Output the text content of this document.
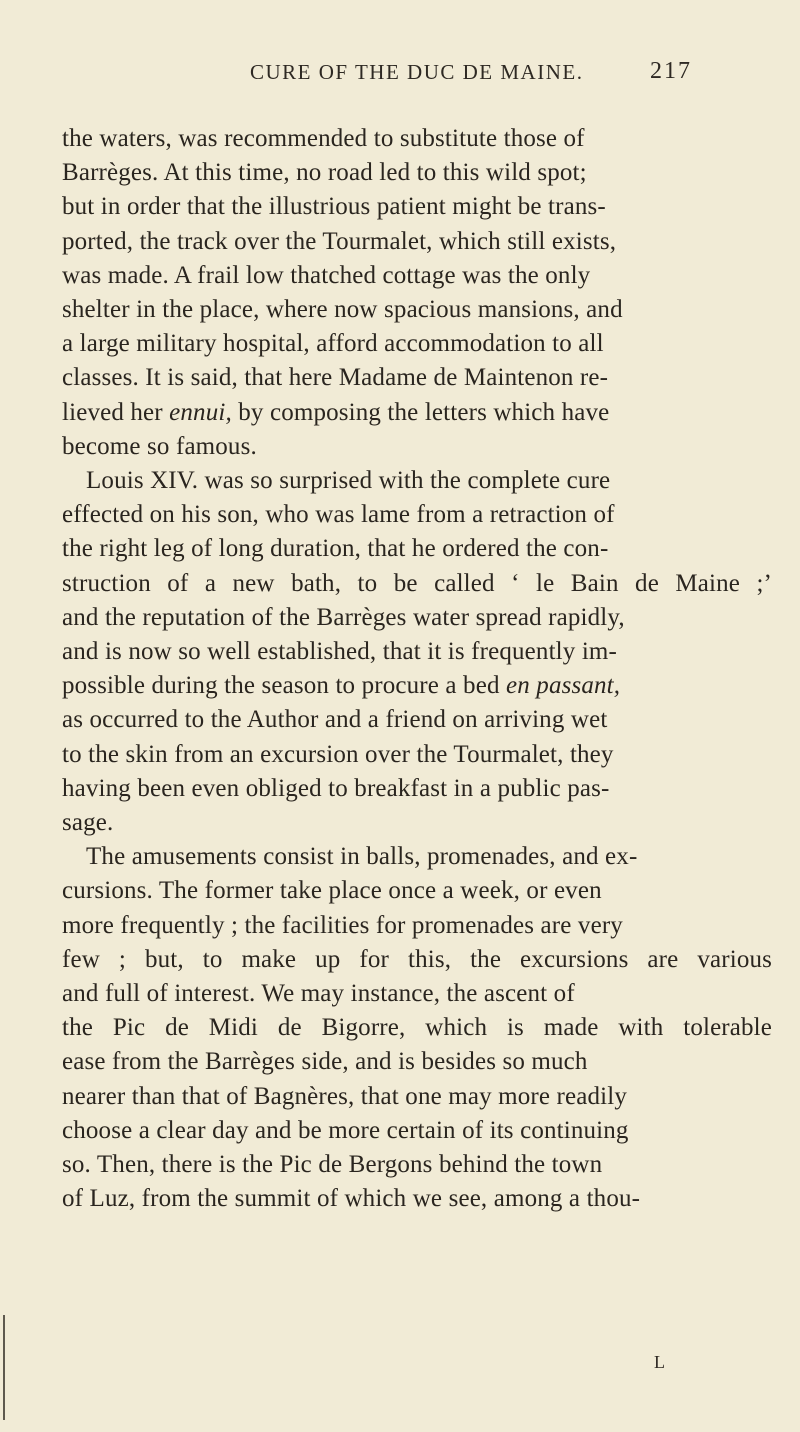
CURE OF THE DUC DE MAINE.	217
the waters, was recommended to substitute those of
Barrèges. At this time, no road led to this wild spot;
but in order that the illustrious patient might be trans-
ported, the track over the Tourmalet, which still exists,
was made. A frail low thatched cottage was the only
shelter in the place, where now spacious mansions, and
a large military hospital, afford accommodation to all
classes. It is said, that here Madame de Maintenon re-
lieved her ennui, by composing the letters which have
become so famous.
Louis XIV. was so surprised with the complete cure
effected on his son, who was lame from a retraction of
the right leg of long duration, that he ordered the con-
struction of a new bath, to be called ‘ le Bain de Maine ;’
and the reputation of the Barrèges water spread rapidly,
and is now so well established, that it is frequently im-
possible during the season to procure a bed en passant,
as occurred to the Author and a friend on arriving wet
to the skin from an excursion over the Tourmalet, they
having been even obliged to breakfast in a public pas-
sage.
The amusements consist in balls, promenades, and ex-
cursions. The former take place once a week, or even
more frequently ; the facilities for promenades are very
few ; but, to make up for this, the excursions are various
and full of interest. We may instance, the ascent of
the Pic de Midi de Bigorre, which is made with tolerable
ease from the Barrèges side, and is besides so much
nearer than that of Bagnères, that one may more readily
choose a clear day and be more certain of its continuing
so. Then, there is the Pic de Bergons behind the town
of Luz, from the summit of which we see, among a thou-
L
